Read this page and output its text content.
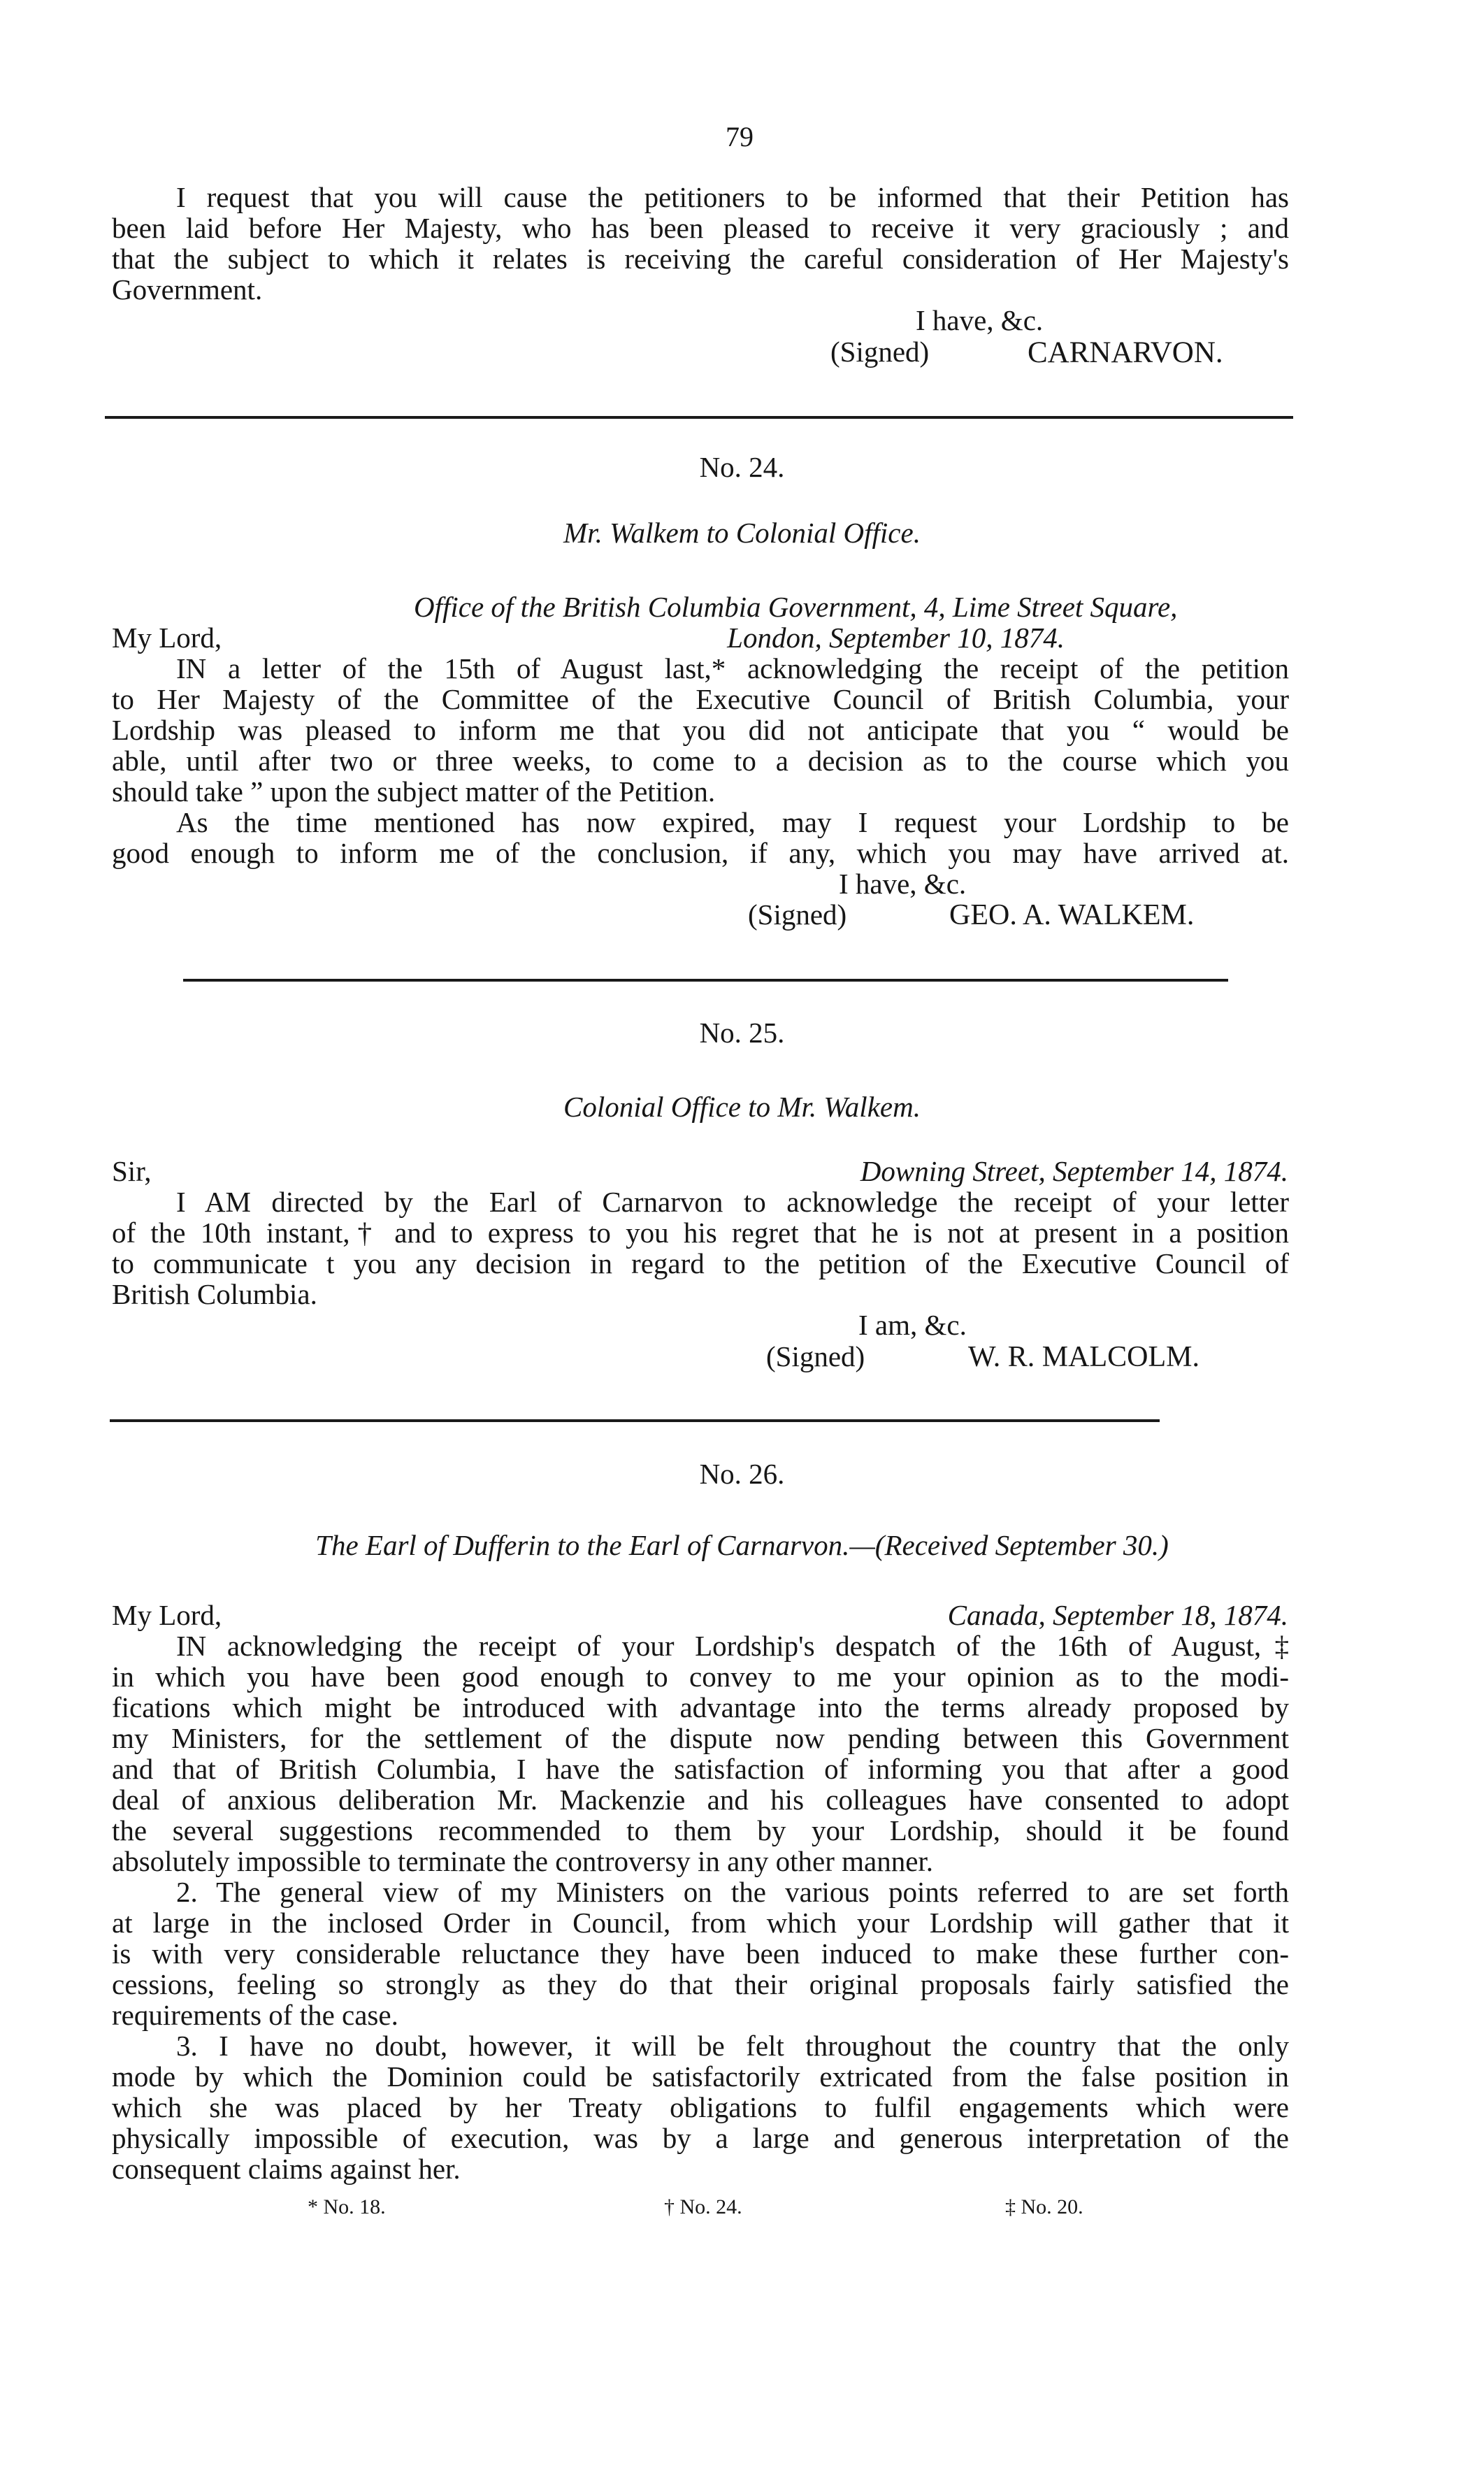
79
I request that you will cause the petitioners to be informed that their Petition has
been laid before Her Majesty, who has been pleased to receive it very graciously ; and
that the subject to which it relates is receiving the careful consideration of Her Majesty's
Government.
I have, &c.
(Signed)	CARNARVON.
No. 24.
Mr. Walkem to Colonial Office.
Office of the British Columbia Government, 4, Lime Street Square,
My Lord,	London, September 10, 1874.
IN a letter of the 15th of August last,* acknowledging the receipt of the petition
to Her Majesty of the Committee of the Executive Council of British Columbia, your
Lordship was pleased to inform me that you did not anticipate that you “ would be
able, until after two or three weeks, to come to a decision as to the course which you
should take ” upon the subject matter of the Petition.
As the time mentioned has now expired, may I request your Lordship to be
good enough to inform me of the conclusion, if any, which you may have arrived at.
I have, &c.
(Signed)	GEO. A. WALKEM.
No. 25.
Colonial Office to Mr. Walkem.
Sir,	Downing Street, September 14, 1874.
I AM directed by the Earl of Carnarvon to acknowledge the receipt of your letter
of the 10th instant,† and to express to you his regret that he is not at present in a position
to communicate t you any decision in regard to the petition of the Executive Council of
British Columbia.
I am, &c.
(Signed)	W. R. MALCOLM.
No. 26.
The Earl of Dufferin to the Earl of Carnarvon.—(Received September 30.)
My Lord,	Canada, September 18, 1874.
IN acknowledging the receipt of your Lordship's despatch of the 16th of August,‡
in which you have been good enough to convey to me your opinion as to the modi-
fications which might be introduced with advantage into the terms already proposed by
my Ministers, for the settlement of the dispute now pending between this Government
and that of British Columbia, I have the satisfaction of informing you that after a good
deal of anxious deliberation Mr. Mackenzie and his colleagues have consented to adopt
the several suggestions recommended to them by your Lordship, should it be found
absolutely impossible to terminate the controversy in any other manner.
2. The general view of my Ministers on the various points referred to are set forth
at large in the inclosed Order in Council, from which your Lordship will gather that it
is with very considerable reluctance they have been induced to make these further con-
cessions, feeling so strongly as they do that their original proposals fairly satisfied the
requirements of the case.
3. I have no doubt, however, it will be felt throughout the country that the only
mode by which the Dominion could be satisfactorily extricated from the false position in
which she was placed by her Treaty obligations to fulfil engagements which were
physically impossible of execution, was by a large and generous interpretation of the
consequent claims against her.
* No. 18.	† No. 24.	‡ No. 20.
